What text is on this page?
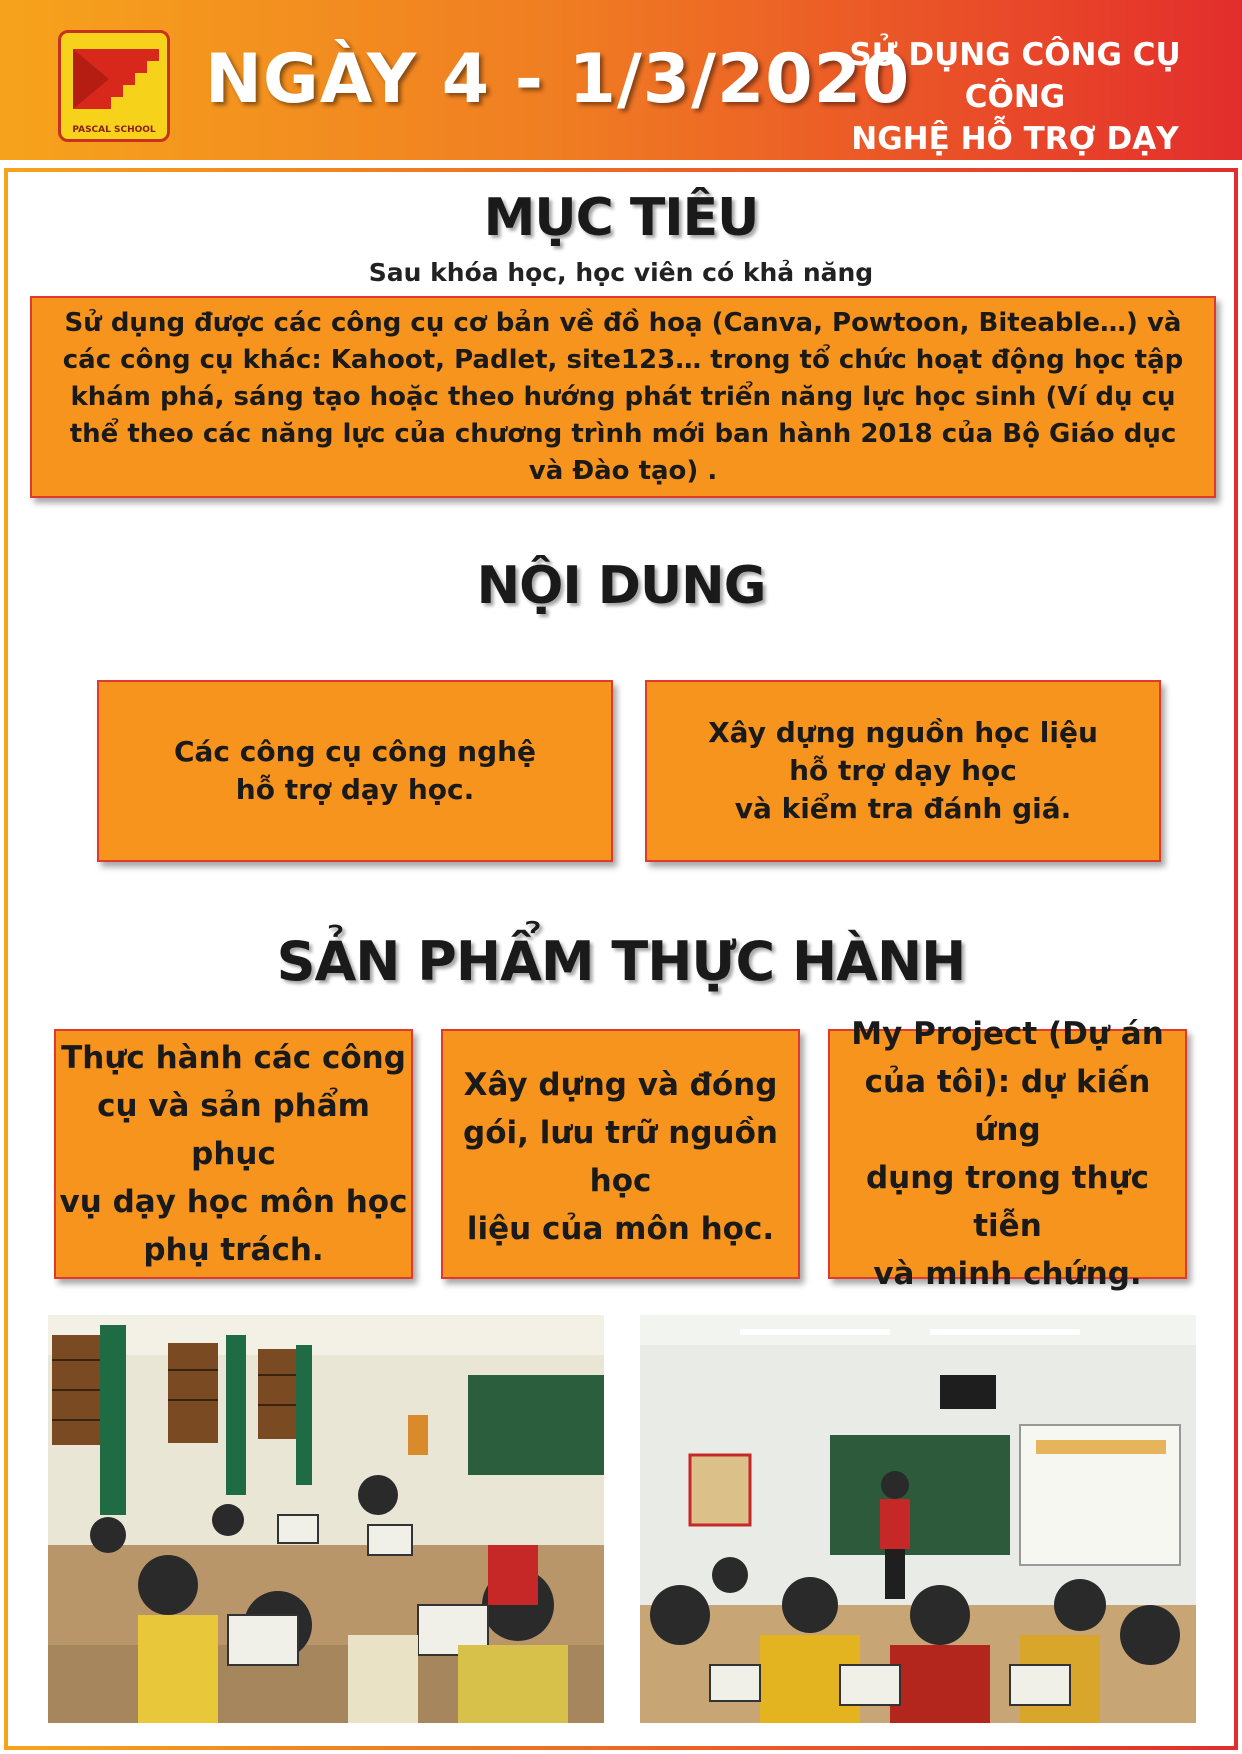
PASCAL SCHOOL
NGÀY 4 - 1/3/2020
SỬ DỤNG CÔNG CỤ CÔNG
NGHỆ HỖ TRỢ DẠY HỌC
MỤC TIÊU
Sau khóa học, học viên có khả năng
Sử dụng được các công cụ cơ bản về đồ hoạ (Canva, Powtoon, Biteable…) và các công cụ khác: Kahoot, Padlet, site123… trong tổ chức hoạt động học tập khám phá, sáng tạo hoặc theo hướng phát triển năng lực học sinh (Ví dụ cụ thể theo các năng lực của chương trình mới ban hành 2018 của Bộ Giáo dục và Đào tạo) .
NỘI DUNG
Các công cụ công nghệ
hỗ trợ dạy học.
Xây dựng nguồn học liệu
hỗ trợ dạy học
và kiểm tra đánh giá.
SẢN PHẨM THỰC HÀNH
Thực hành các công
cụ và sản phẩm phục
vụ dạy học môn học
phụ trách.
Xây dựng và đóng
gói, lưu trữ nguồn học
liệu của môn học.
My Project (Dự án
của tôi): dự kiến ứng
dụng trong thực tiễn
và minh chứng.
